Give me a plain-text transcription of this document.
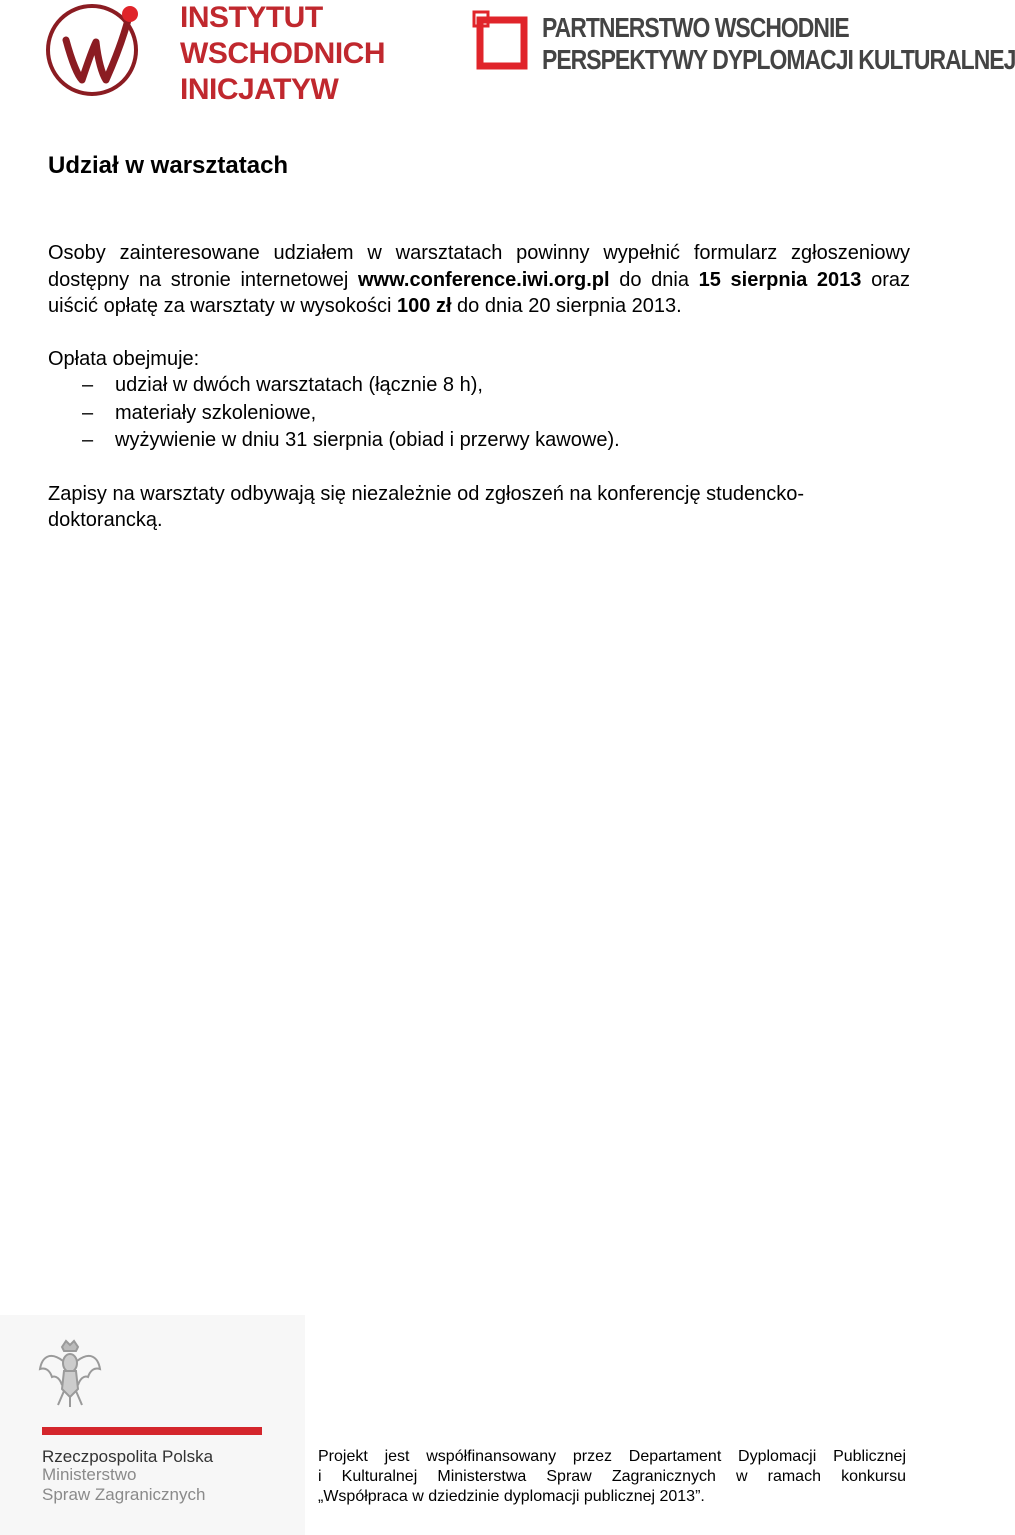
INSTYTUT
WSCHODNICH
INICJATYW
PARTNERSTWO WSCHODNIE
PERSPEKTYWY DYPLOMACJI KULTURALNEJ
Udział w warsztatach

Osoby zainteresowane udziałem w warsztatach powinny wypełnić formularz zgłoszeniowy dostępny na stronie internetowej www.conference.iwi.org.pl do dnia 15 sierpnia 2013 oraz uiścić opłatę za warsztaty w wysokości 100 zł do dnia 20 sierpnia 2013.

Opłata obejmuje:
– udział w dwóch warsztatach (łącznie 8 h),
– materiały szkoleniowe,
– wyżywienie w dniu 31 sierpnia (obiad i przerwy kawowe).

Zapisy na warsztaty odbywają się niezależnie od zgłoszeń na konferencję studencko-doktorancką.

Rzeczpospolita Polska
Ministerstwo
Spraw Zagranicznych
Projekt jest współfinansowany przez Departament Dyplomacji Publicznej
i Kulturalnej Ministerstwa Spraw Zagranicznych w ramach konkursu
„Współpraca w dziedzinie dyplomacji publicznej 2013”.
